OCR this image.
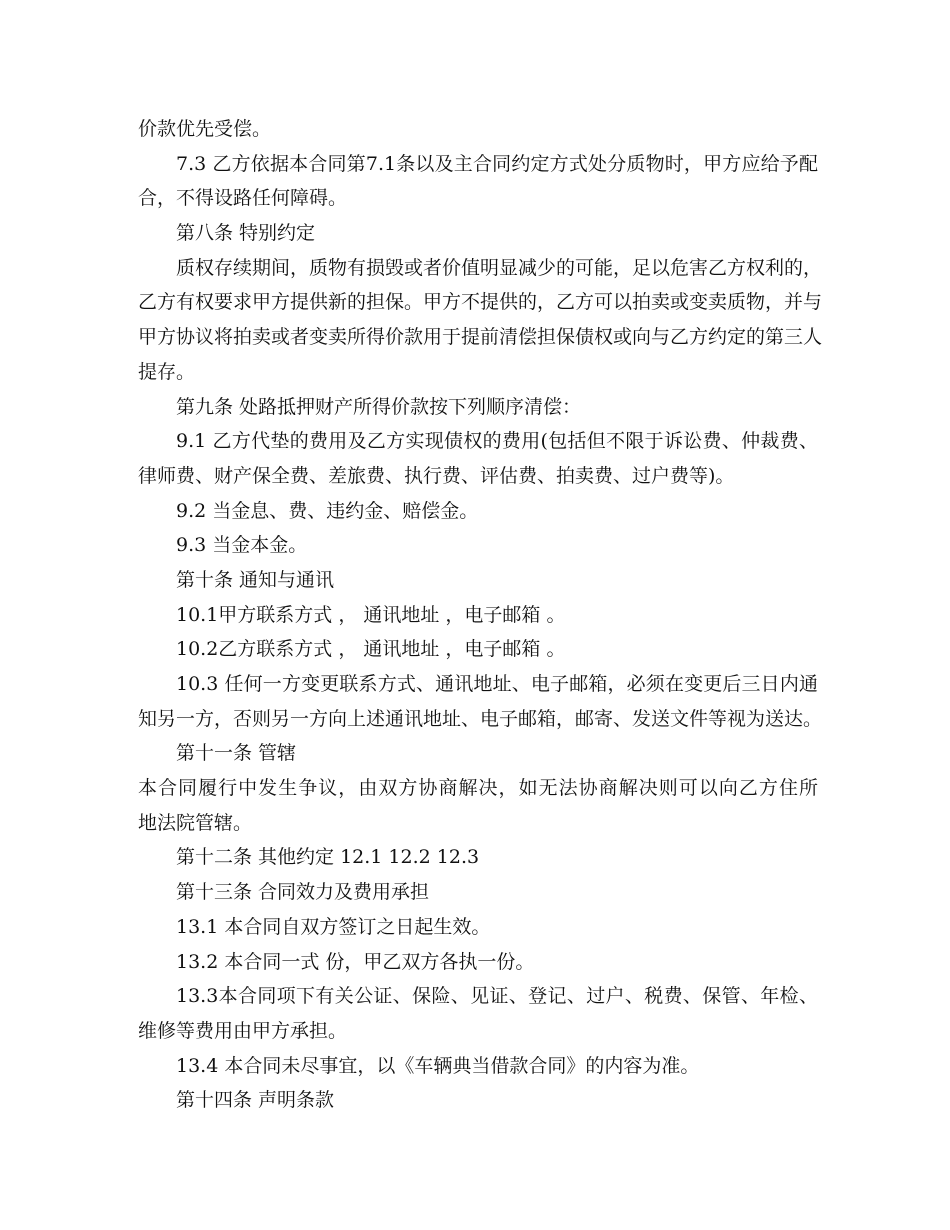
价款优先受偿。
7.3 乙方依据本合同第7.1条以及主合同约定方式处分质物时，甲方应给予配
合，不得设路任何障碍。
第八条 特别约定
质权存续期间，质物有损毁或者价值明显减少的可能，足以危害乙方权利的，
乙方有权要求甲方提供新的担保。甲方不提供的，乙方可以拍卖或变卖质物，并与
甲方协议将拍卖或者变卖所得价款用于提前清偿担保债权或向与乙方约定的第三人
提存。
第九条 处路抵押财产所得价款按下列顺序清偿：
9.1 乙方代垫的费用及乙方实现债权的费用(包括但不限于诉讼费、仲裁费、
律师费、财产保全费、差旅费、执行费、评估费、拍卖费、过户费等)。
9.2 当金息、费、违约金、赔偿金。
9.3 当金本金。
第十条 通知与通讯
10.1甲方联系方式 ， 通讯地址 ，电子邮箱 。
10.2乙方联系方式 ， 通讯地址 ，电子邮箱 。
10.3 任何一方变更联系方式、通讯地址、电子邮箱，必须在变更后三日内通
知另一方，否则另一方向上述通讯地址、电子邮箱，邮寄、发送文件等视为送达。
第十一条 管辖
本合同履行中发生争议，由双方协商解决，如无法协商解决则可以向乙方住所
地法院管辖。
第十二条 其他约定 12.1 12.2 12.3
第十三条 合同效力及费用承担
13.1 本合同自双方签订之日起生效。
13.2 本合同一式 份，甲乙双方各执一份。
13.3本合同项下有关公证、保险、见证、登记、过户、税费、保管、年检、
维修等费用由甲方承担。
13.4 本合同未尽事宜，以《车辆典当借款合同》的内容为准。
第十四条 声明条款
